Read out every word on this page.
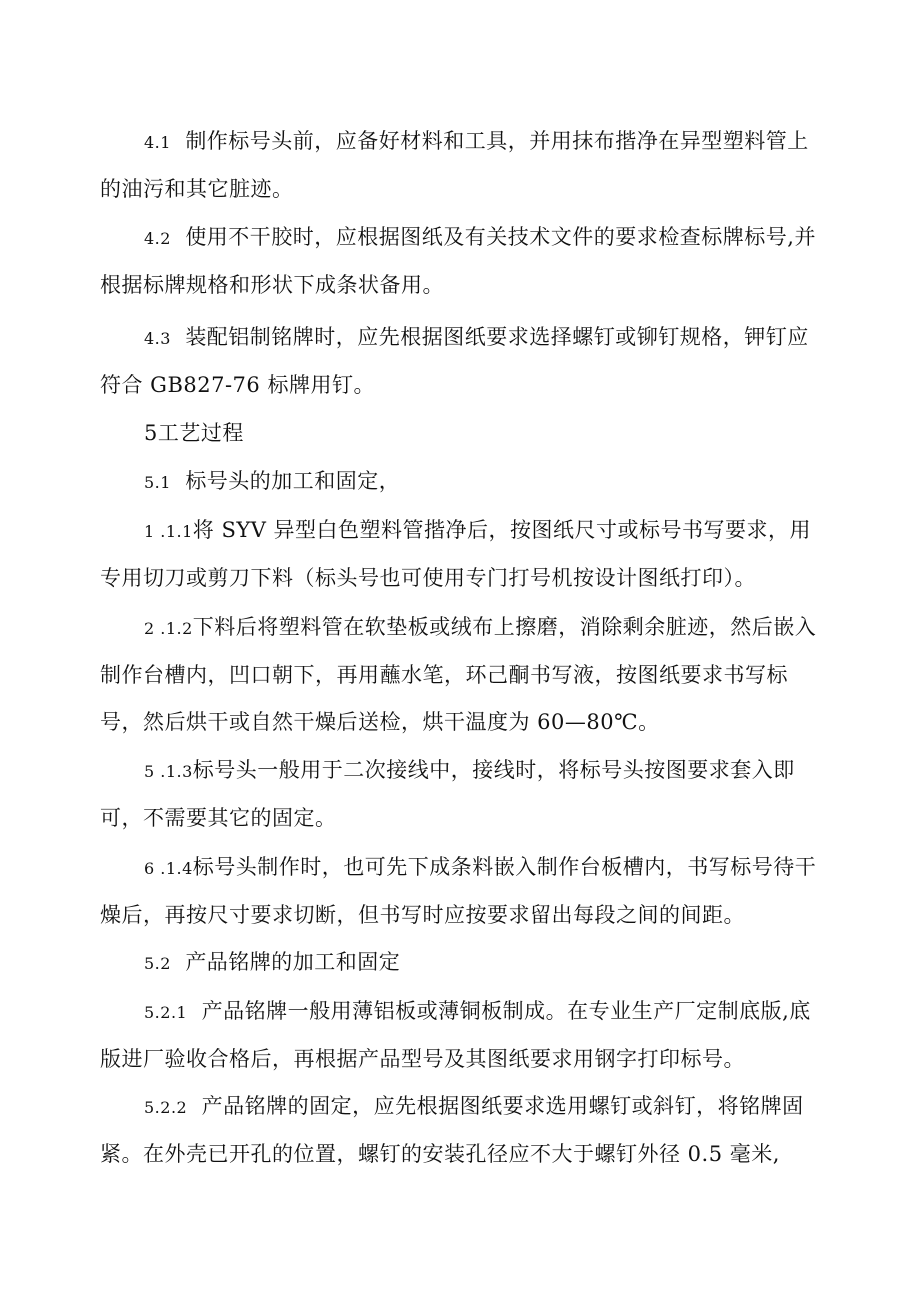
4.1 制作标号头前，应备好材料和工具，并用抹布揩净在异型塑料管上的油污和其它脏迹。

4.2 使用不干胶时，应根据图纸及有关技术文件的要求检查标牌标号,并根据标牌规格和形状下成条状备用。

4.3 装配铝制铭牌时，应先根据图纸要求选择螺钉或铆钉规格，钾钉应符合 GB827-76 标牌用钉。

5工艺过程

5.1 标号头的加工和固定，

1 .1.1将 SYV 异型白色塑料管揩净后，按图纸尺寸或标号书写要求，用专用切刀或剪刀下料（标头号也可使用专门打号机按设计图纸打印）。

2 .1.2下料后将塑料管在软垫板或绒布上擦磨，消除剩余脏迹，然后嵌入制作台槽内，凹口朝下，再用蘸水笔，环己酮书写液，按图纸要求书写标号，然后烘干或自然干燥后送检，烘干温度为 60—80℃。

5 .1.3标号头一般用于二次接线中，接线时，将标号头按图要求套入即可，不需要其它的固定。

6 .1.4标号头制作时，也可先下成条料嵌入制作台板槽内，书写标号待干燥后，再按尺寸要求切断，但书写时应按要求留出每段之间的间距。

5.2 产品铭牌的加工和固定

5.2.1 产品铭牌一般用薄铝板或薄铜板制成。在专业生产厂定制底版,底版进厂验收合格后，再根据产品型号及其图纸要求用钢字打印标号。

5.2.2 产品铭牌的固定，应先根据图纸要求选用螺钉或斜钉，将铭牌固紧。在外壳已开孔的位置，螺钉的安装孔径应不大于螺钉外径 0.5 毫米,
